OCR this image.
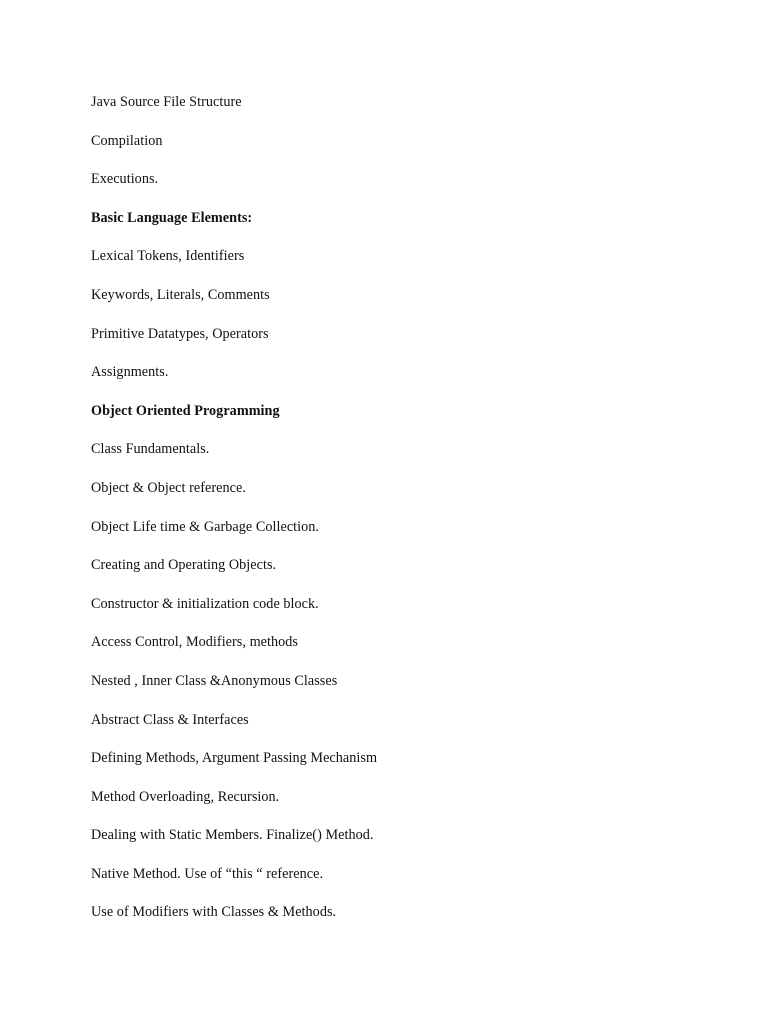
Java Source File Structure
Compilation
Executions.
Basic Language Elements:
Lexical Tokens, Identifiers
Keywords, Literals, Comments
Primitive Datatypes, Operators
Assignments.
Object Oriented Programming
Class Fundamentals.
Object & Object reference.
Object Life time & Garbage Collection.
Creating and Operating Objects.
Constructor & initialization code block.
Access Control, Modifiers, methods
Nested , Inner Class &Anonymous Classes
Abstract Class & Interfaces
Defining Methods, Argument Passing Mechanism
Method Overloading, Recursion.
Dealing with Static Members. Finalize() Method.
Native Method. Use of “this “ reference.
Use of Modifiers with Classes & Methods.
